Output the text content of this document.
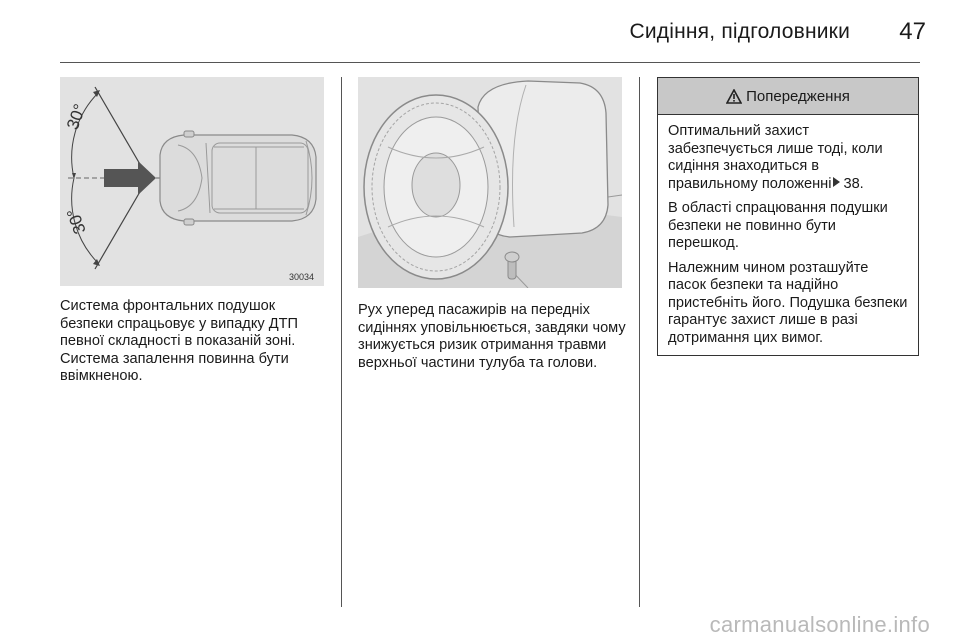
Сидіння, підголовники	47
30034
30°
30°

Система фронтальних подушок безпеки спрацьовує у випадку ДТП певної складності в показаній зоні. Система запалення повинна бути ввімкненою.

Рух уперед пасажирів на передніх сидіннях уповільнюється, завдяки чому знижується ризик отримання травми верхньої частини тулуба та голови.

Попередження

Оптимальний захист забезпечується лише тоді, коли сидіння знаходиться в правильному положенні 38.

В області спрацювання подушки безпеки не повинно бути перешкод.

Належним чином розташуйте пасок безпеки та надійно пристебніть його. Подушка безпеки гарантує захист лише в разі дотримання цих вимог.

carmanualsonline.info
